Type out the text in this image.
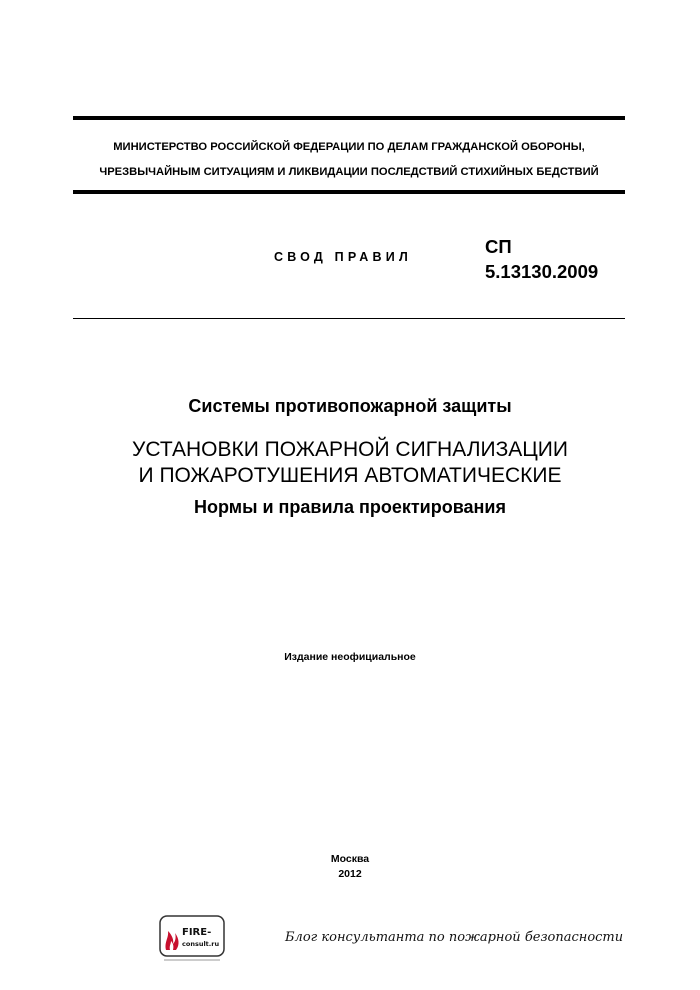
МИНИСТЕРСТВО РОССИЙСКОЙ ФЕДЕРАЦИИ ПО ДЕЛАМ ГРАЖДАНСКОЙ ОБОРОНЫ,
ЧРЕЗВЫЧАЙНЫМ СИТУАЦИЯМ И ЛИКВИДАЦИИ ПОСЛЕДСТВИЙ СТИХИЙНЫХ БЕДСТВИЙ
СВОД ПРАВИЛ	СП
5.13130.2009
Системы противопожарной защиты
УСТАНОВКИ ПОЖАРНОЙ СИГНАЛИЗАЦИИ
И ПОЖАРОТУШЕНИЯ АВТОМАТИЧЕСКИЕ
Нормы и правила проектирования
Издание неофициальное
Москва
2012
FIRE-
consult.ru	Блог консультанта по пожарной безопасности
